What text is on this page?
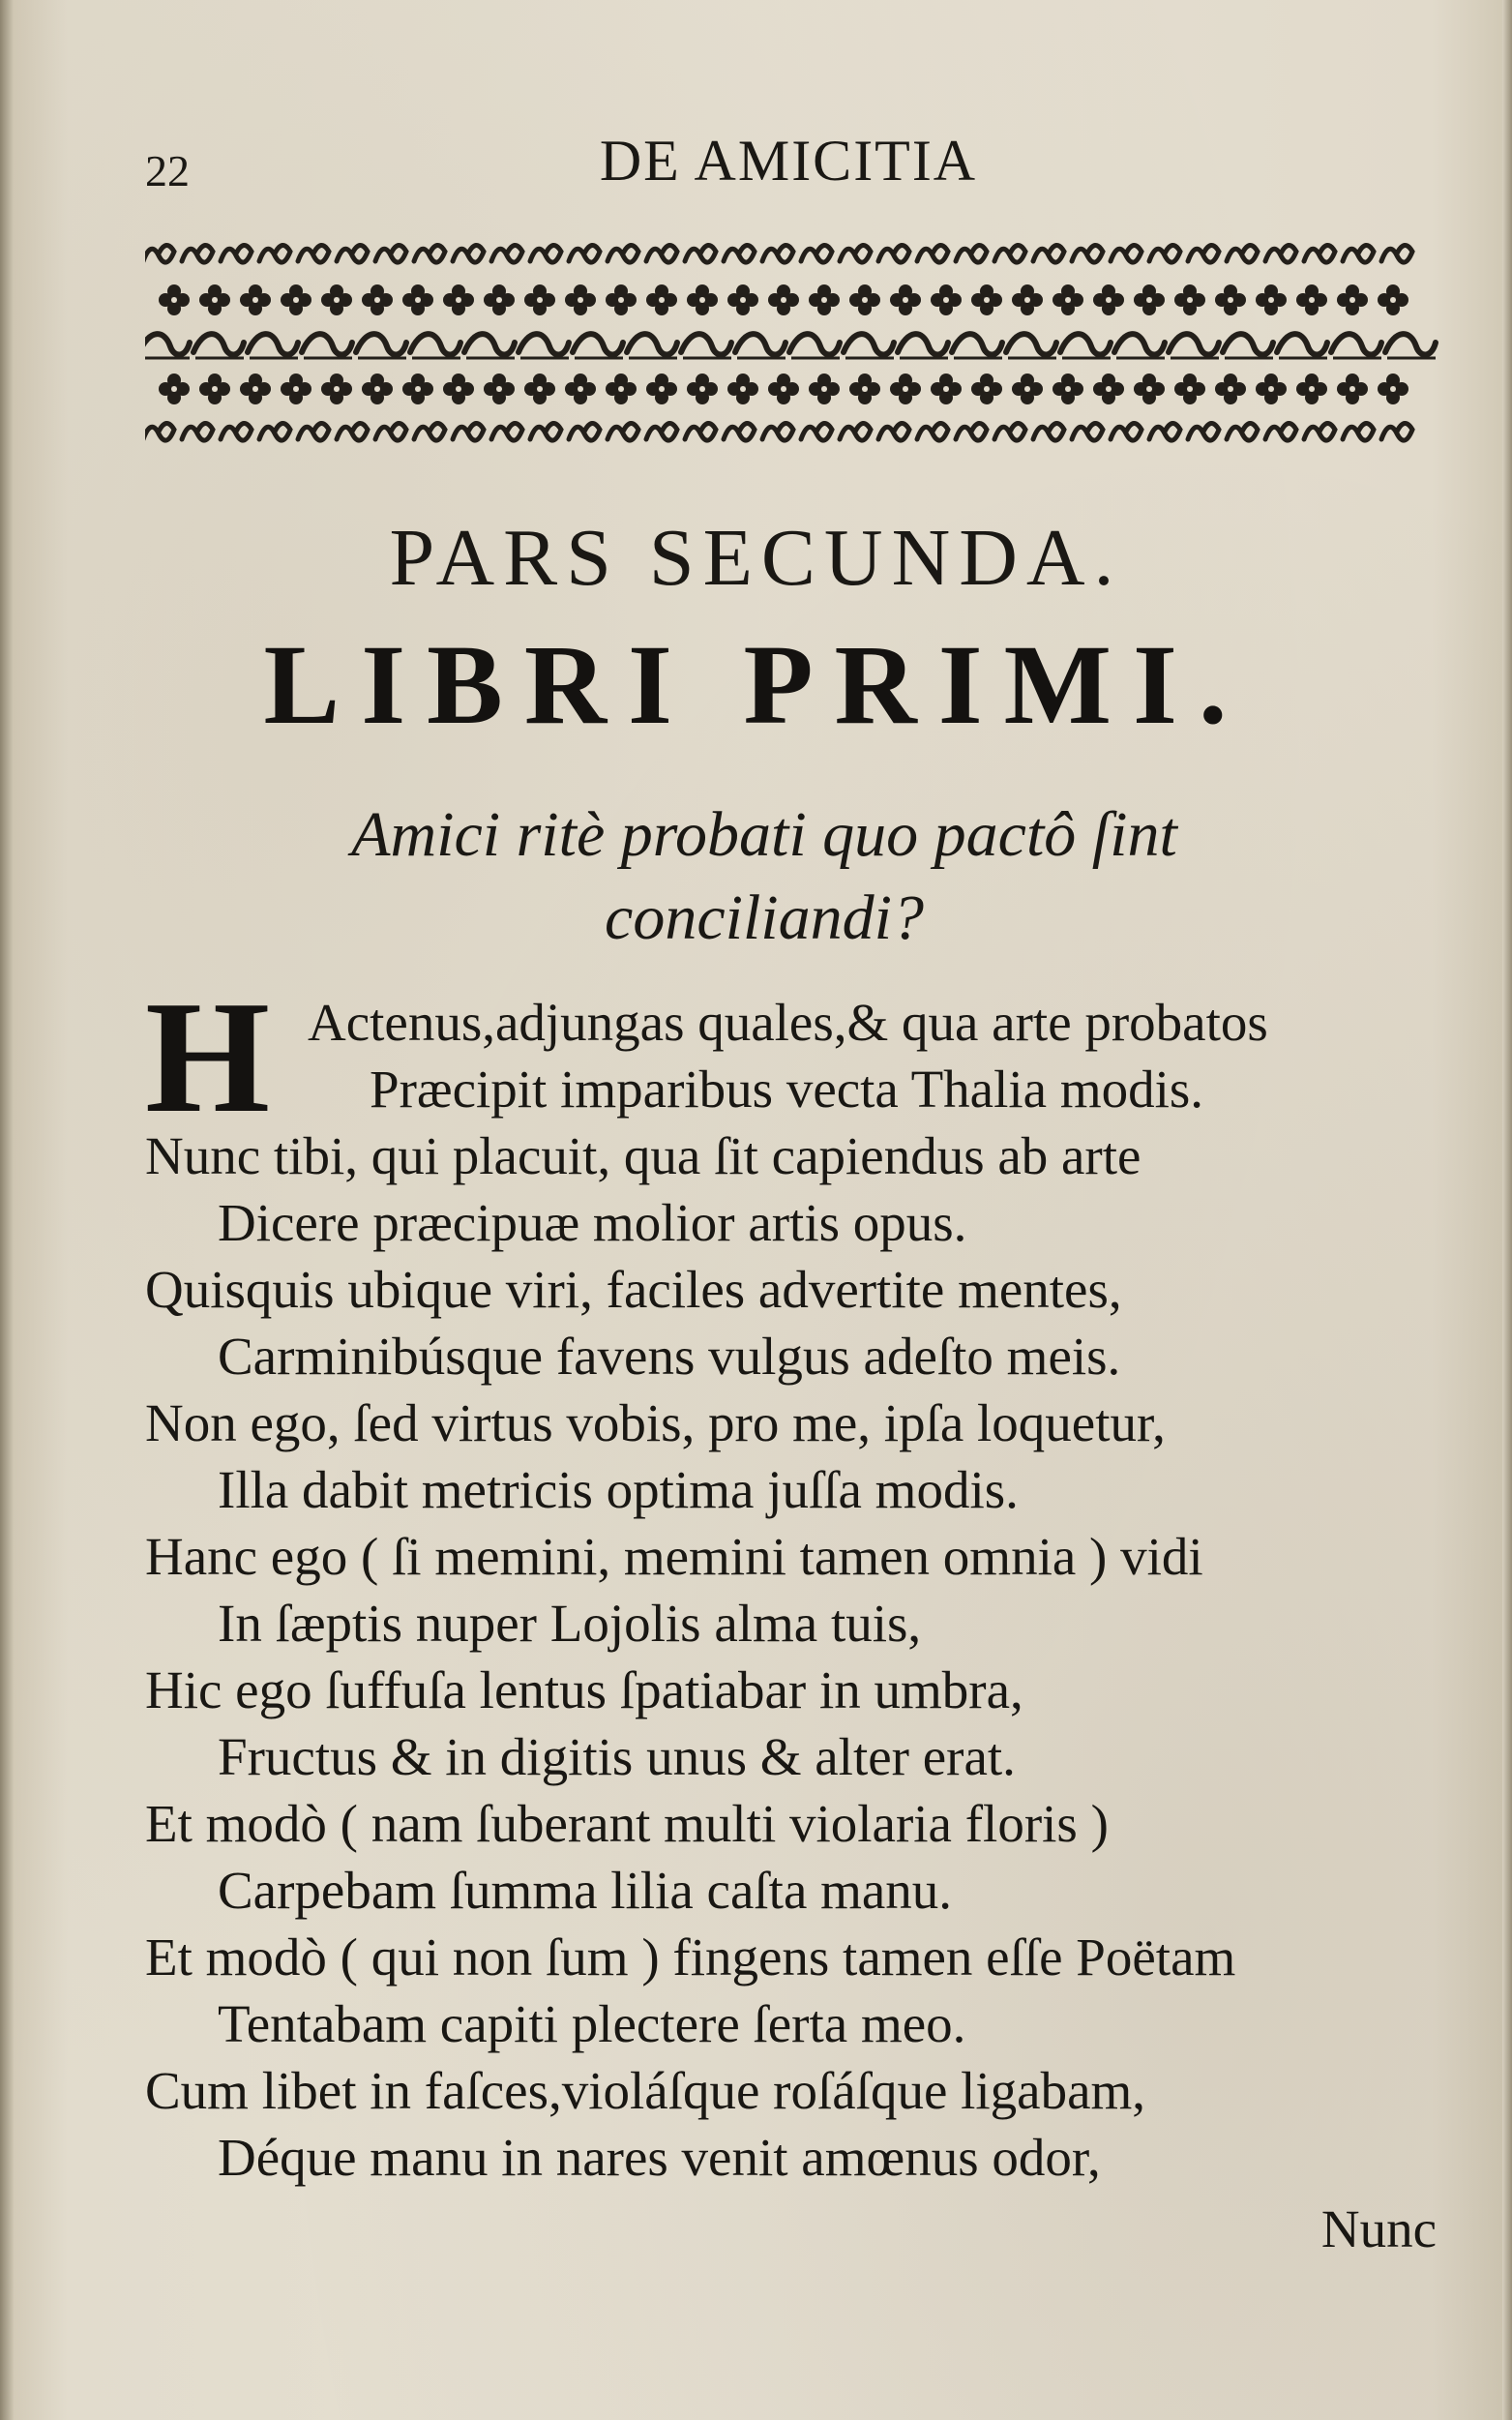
22	DE AMICITIA
PARS SECUNDA.
LIBRI PRIMI.
Amici ritè probati quo pactô ſint conciliandi?
H Actenus,adjungas quales,& qua arte probatos
Præcipit imparibus vecta Thalia modis.
Nunc tibi, qui placuit, qua ſit capiendus ab arte
Dicere præcipuæ molior artis opus.
Quisquis ubique viri, faciles advertite mentes,
Carminibúsque favens vulgus adeſto meis.
Non ego, ſed virtus vobis, pro me, ipſa loquetur,
Illa dabit metricis optima juſſa modis.
Hanc ego ( ſi memini, memini tamen omnia ) vidi
In ſæptis nuper Lojolis alma tuis,
Hic ego ſuffuſa lentus ſpatiabar in umbra,
Fructus & in digitis unus & alter erat.
Et modò ( nam ſuberant multi violaria floris )
Carpebam ſumma lilia caſta manu.
Et modò ( qui non ſum ) fingens tamen eſſe Poëtam
Tentabam capiti plectere ſerta meo.
Cum libet in faſces,violáſque roſáſque ligabam,
Déque manu in nares venit amœnus odor,
Nunc
